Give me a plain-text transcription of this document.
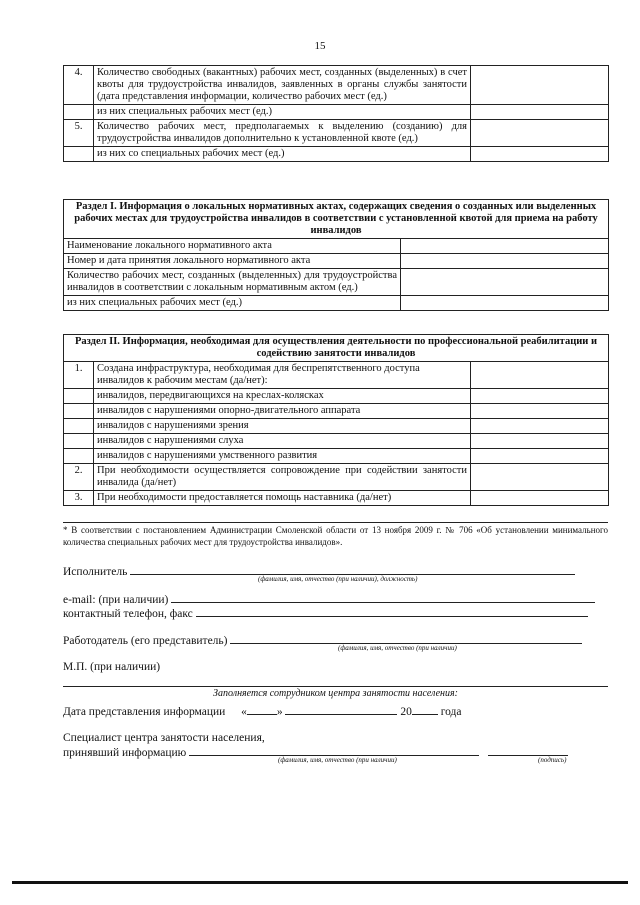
15
4.	Количество свободных (вакантных) рабочих мест, созданных (выделенных) в счет квоты для трудоустройства инвалидов, заявленных в органы службы занятости (дата представления информации, количество рабочих мест (ед.)	
	из них специальных рабочих мест (ед.)	
5.	Количество рабочих мест, предполагаемых к выделению (созданию) для трудоустройства инвалидов дополнительно к установленной квоте (ед.)	
	из них со специальных рабочих мест (ед.)	
Раздел I. Информация о локальных нормативных актах, содержащих сведения о созданных или выделенных рабочих местах для трудоустройства инвалидов в соответствии с установленной квотой для приема на работу инвалидов	
Наименование локального нормативного акта	
Номер и дата принятия локального нормативного акта	
Количество рабочих мест, созданных (выделенных) для трудоустройства инвалидов в соответствии с локальным нормативным актом (ед.)	
из них специальных рабочих мест (ед.)	
Раздел II. Информация, необходимая для осуществления деятельности по профессиональной реабилитации и содействию занятости инвалидов		
1.	Создана инфраструктура, необходимая для беспрепятственного доступа инвалидов к рабочим местам (да/нет):	
	инвалидов, передвигающихся на креслах-колясках	
	инвалидов с нарушениями опорно-двигательного аппарата	
	инвалидов с нарушениями зрения	
	инвалидов с нарушениями слуха	
	инвалидов с нарушениями умственного развития	
2.	При необходимости осуществляется сопровождение при содействии занятости инвалида (да/нет)	
3.	При необходимости предоставляется помощь наставника (да/нет)	
* В соответствии с постановлением Администрации Смоленской области от 13 ноября 2009 г. № 706 «Об установлении минимального количества специальных рабочих мест для трудоустройства инвалидов».
Исполнитель
(фамилия, имя, отчество (при наличии), должность)
e-mail: (при наличии)
контактный телефон, факс
Работодатель (его представитель)
(фамилия, имя, отчество (при наличии)
М.П. (при наличии)
Заполняется сотрудником центра занятости населения:
Дата представления информации «	»	20	года
Специалист центра занятости населения,
принявший информацию
(фамилия, имя, отчество (при наличии)	(подпись)
